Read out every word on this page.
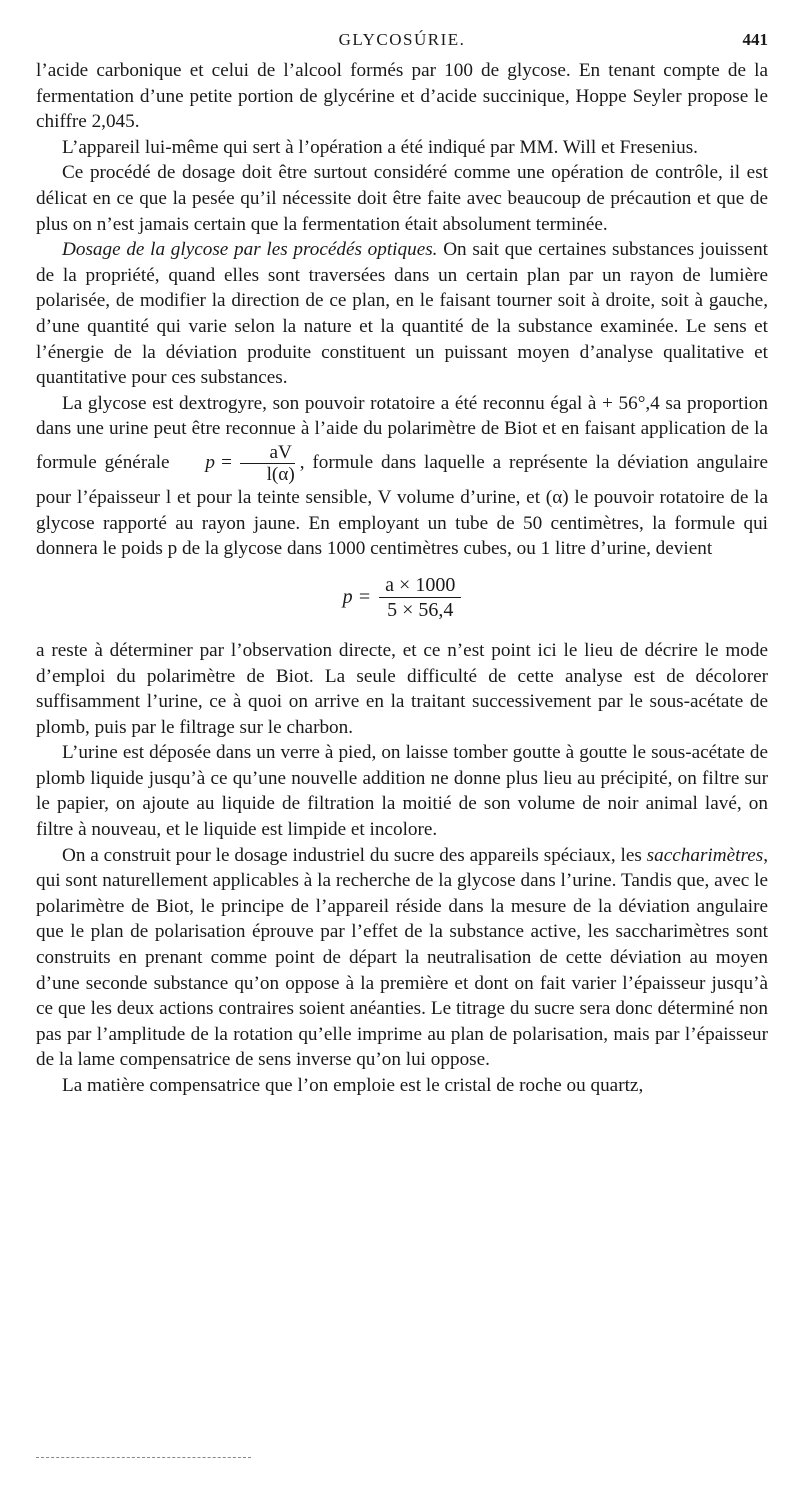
GLYCOSÚRIE.	441

l’acide carbonique et celui de l’alcool formés par 100 de glycose. En tenant compte de la fermentation d’une petite portion de glycérine et d’acide succinique, Hoppe Seyler propose le chiffre 2,045.

L’appareil lui-même qui sert à l’opération a été indiqué par MM. Will et Fresenius.

Ce procédé de dosage doit être surtout considéré comme une opération de contrôle, il est délicat en ce que la pesée qu’il nécessite doit être faite avec beaucoup de précaution et que de plus on n’est jamais certain que la fermentation était absolument terminée.

Dosage de la glycose par les procédés optiques. On sait que certaines substances jouissent de la propriété, quand elles sont traversées dans un certain plan par un rayon de lumière polarisée, de modifier la direction de ce plan, en le faisant tourner soit à droite, soit à gauche, d’une quantité qui varie selon la nature et la quantité de la substance examinée. Le sens et l’énergie de la déviation produite constituent un puissant moyen d’analyse qualitative et quantitative pour ces substances.

La glycose est dextrogyre, son pouvoir rotatoire a été reconnu égal à + 56°,4 sa proportion dans une urine peut être reconnue à l’aide du polarimètre de Biot et en faisant application de la formule générale $p = \frac{aV}{l(\alpha)}$ , formule dans laquelle a représente la déviation angulaire pour l’épaisseur l et pour la teinte sensible, V volume d’urine, et (α) le pouvoir rotatoire de la glycose rapporté au rayon jaune. En employant un tube de 50 centimètres, la formule qui donnera le poids p de la glycose dans 1000 centimètres cubes, ou 1 litre d’urine, devient

$p = \frac{a \times 1000}{5 \times 56,4}$

a reste à déterminer par l’observation directe, et ce n’est point ici le lieu de décrire le mode d’emploi du polarimètre de Biot. La seule difficulté de cette analyse est de décolorer suffisamment l’urine, ce à quoi on arrive en la traitant successivement par le sous-acétate de plomb, puis par le filtrage sur le charbon.

L’urine est déposée dans un verre à pied, on laisse tomber goutte à goutte le sous-acétate de plomb liquide jusqu’à ce qu’une nouvelle addition ne donne plus lieu au précipité, on filtre sur le papier, on ajoute au liquide de filtration la moitié de son volume de noir animal lavé, on filtre à nouveau, et le liquide est limpide et incolore.

On a construit pour le dosage industriel du sucre des appareils spéciaux, les saccharimètres, qui sont naturellement applicables à la recherche de la glycose dans l’urine. Tandis que, avec le polarimètre de Biot, le principe de l’appareil réside dans la mesure de la déviation angulaire que le plan de polarisation éprouve par l’effet de la substance active, les saccharimètres sont construits en prenant comme point de départ la neutralisation de cette déviation au moyen d’une seconde substance qu’on oppose à la première et dont on fait varier l’épaisseur jusqu’à ce que les deux actions contraires soient anéanties. Le titrage du sucre sera donc déterminé non pas par l’amplitude de la rotation qu’elle imprime au plan de polarisation, mais par l’épaisseur de la lame compensatrice de sens inverse qu’on lui oppose.

La matière compensatrice que l’on emploie est le cristal de roche ou quartz,
